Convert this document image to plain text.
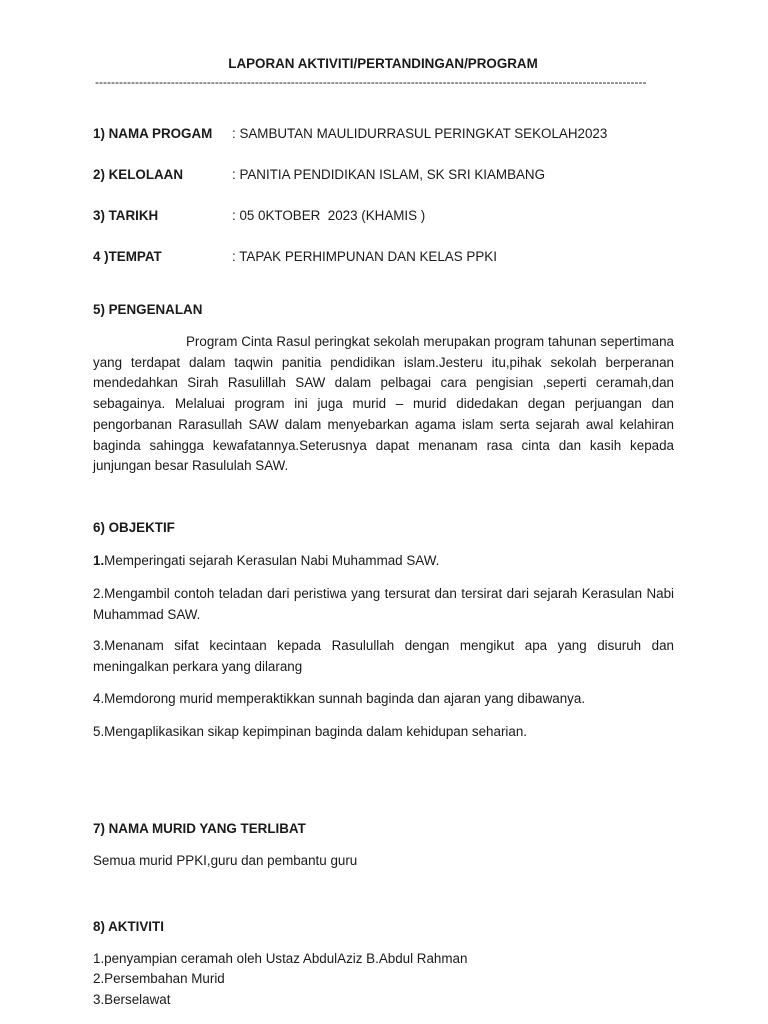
LAPORAN AKTIVITI/PERTANDINGAN/PROGRAM
------------------------------------------------------------------------------------------------------------------------------------------
1) NAMA PROGAM : SAMBUTAN MAULIDURRASUL PERINGKAT SEKOLAH2023
2) KELOLAAN	: PANITIA PENDIDIKAN ISLAM, SK SRI KIAMBANG
3) TARIKH	: 05 0KTOBER  2023 (KHAMIS )
4 )TEMPAT	: TAPAK PERHIMPUNAN DAN KELAS PPKI
5) PENGENALAN
Program Cinta Rasul peringkat sekolah merupakan program tahunan sepertimana yang terdapat dalam taqwin panitia pendidikan islam.Jesteru itu,pihak sekolah berperanan mendedahkan Sirah Rasulillah SAW dalam pelbagai cara pengisian ,seperti ceramah,dan sebagainya. Melaluai program ini juga murid – murid didedakan degan perjuangan dan pengorbanan Rarasullah SAW dalam menyebarkan agama islam serta sejarah awal kelahiran baginda sahingga kewafatannya.Seterusnya dapat menanam rasa cinta dan kasih kepada junjungan besar Rasululah SAW.
6) OBJEKTIF
1.Memperingati sejarah Kerasulan Nabi Muhammad SAW.
2.Mengambil contoh teladan dari peristiwa yang tersurat dan tersirat dari sejarah Kerasulan Nabi Muhammad SAW.
3.Menanam sifat kecintaan kepada Rasulullah dengan mengikut apa yang disuruh dan meningalkan perkara yang dilarang
4.Memdorong murid memperaktikkan sunnah baginda dan ajaran yang dibawanya.
5.Mengaplikasikan sikap kepimpinan baginda dalam kehidupan seharian.
7) NAMA MURID YANG TERLIBAT
Semua murid PPKI,guru dan pembantu guru
8) AKTIVITI
1.penyampian ceramah oleh Ustaz AbdulAziz B.Abdul Rahman
2.Persembahan Murid
3.Berselawat
